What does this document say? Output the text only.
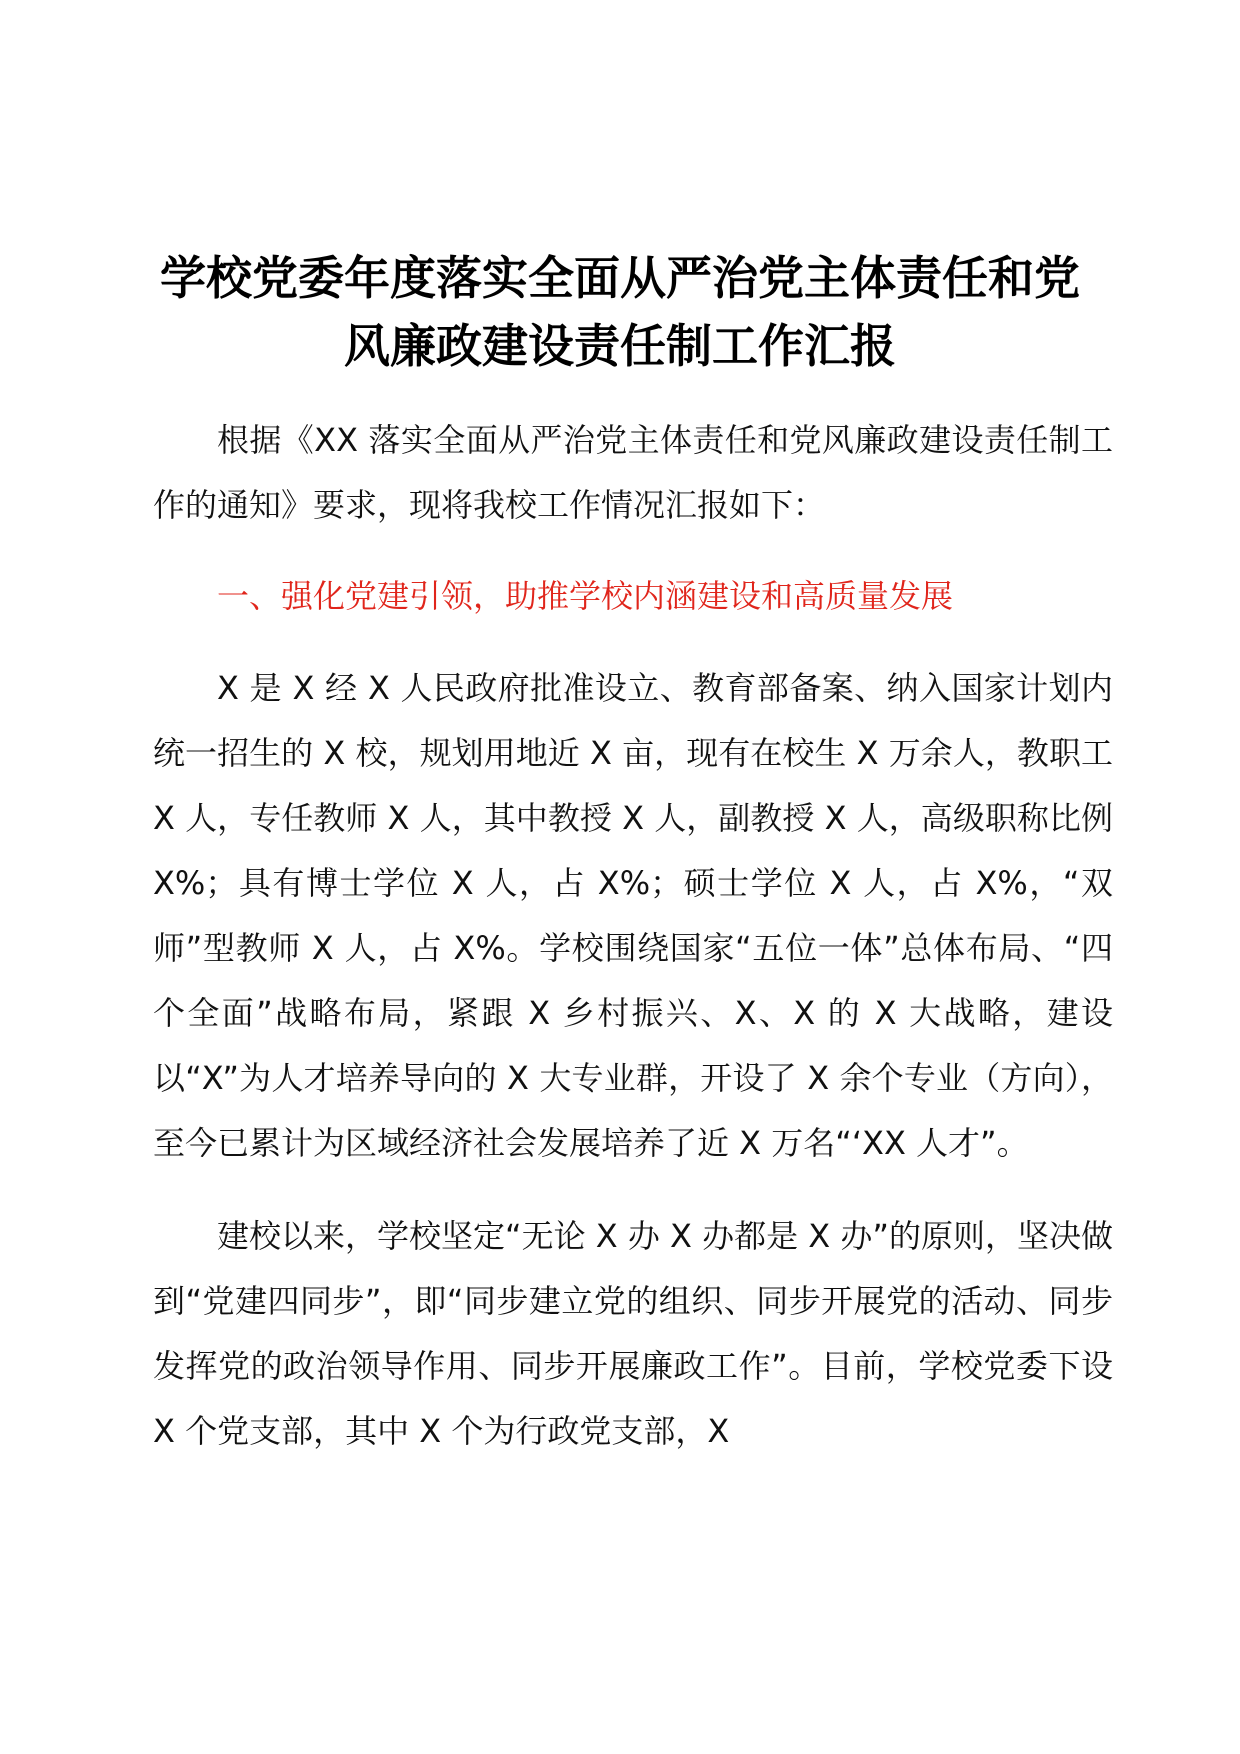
学校党委年度落实全面从严治党主体责任和党
风廉政建设责任制工作汇报

根据《XX 落实全面从严治党主体责任和党风廉政建设责任制工作的通知》要求，现将我校工作情况汇报如下：

一、强化党建引领，助推学校内涵建设和高质量发展

X 是 X 经 X 人民政府批准设立、教育部备案、纳入国家计划内统一招生的 X 校，规划用地近 X 亩，现有在校生 X 万余人，教职工 X 人，专任教师 X 人，其中教授 X 人，副教授 X 人，高级职称比例 X%；具有博士学位 X 人，占 X%；硕士学位 X 人，占 X%，“双师”型教师 X 人，占 X%。学校围绕国家“五位一体”总体布局、“四个全面”战略布局，紧跟 X 乡村振兴、X、X 的 X 大战略，建设以“X”为人才培养导向的 X 大专业群，开设了 X 余个专业（方向），至今已累计为区域经济社会发展培养了近 X 万名“‘XX 人才”。

建校以来，学校坚定“无论 X 办 X 办都是 X 办”的原则，坚决做到“党建四同步”，即“同步建立党的组织、同步开展党的活动、同步发挥党的政治领导作用、同步开展廉政工作”。目前，学校党委下设 X 个党支部，其中 X 个为行政党支部，X
